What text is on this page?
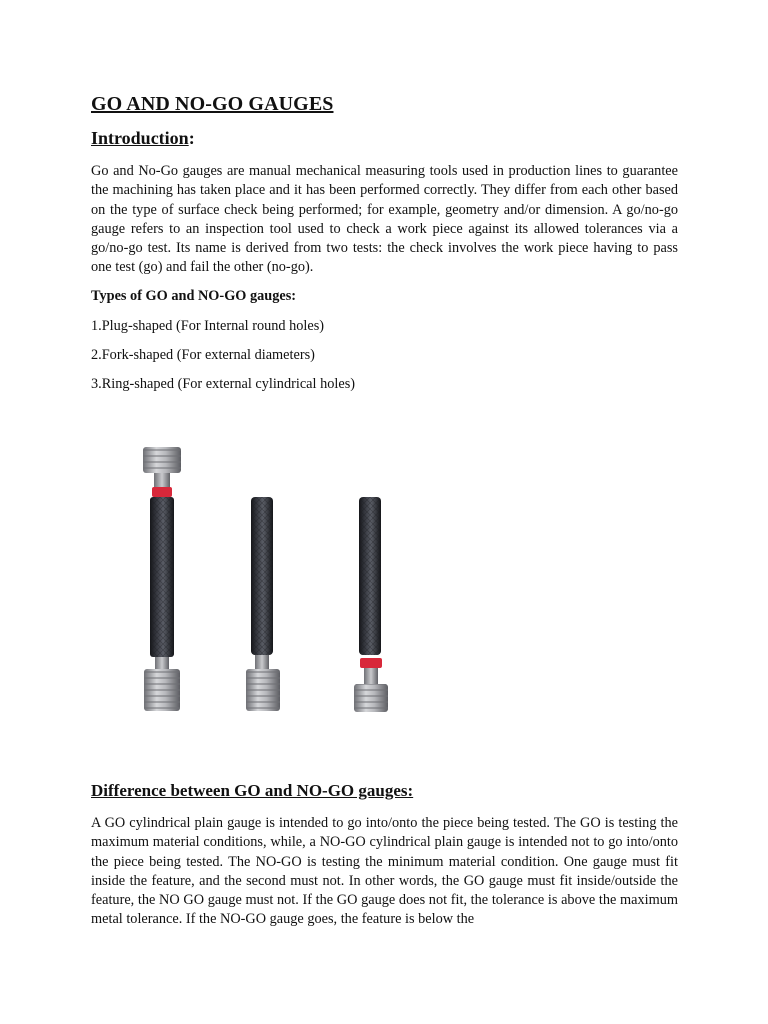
GO AND NO-GO GAUGES
Introduction:

Go and No-Go gauges are manual mechanical measuring tools used in production lines to guarantee the machining has taken place and it has been performed correctly. They differ from each other based on the type of surface check being performed; for example, geometry and/or dimension. A go/no-go gauge refers to an inspection tool used to check a work piece against its allowed tolerances via a go/no-go test. Its name is derived from two tests: the check involves the work piece having to pass one test (go) and fail the other (no-go).

Types of GO and NO-GO gauges:

1.Plug-shaped (For Internal round holes)
2.Fork-shaped (For external diameters)
3.Ring-shaped (For external cylindrical holes)
Difference between GO and NO-GO gauges:

A GO cylindrical plain gauge is intended to go into/onto the piece being tested. The GO is testing the maximum material conditions, while, a NO-GO cylindrical plain gauge is intended not to go into/onto the piece being tested. The NO-GO is testing the minimum material condition. One gauge must fit inside the feature, and the second must not. In other words, the GO gauge must fit inside/outside the feature, the NO GO gauge must not. If the GO gauge does not fit, the tolerance is above the maximum metal tolerance. If the NO-GO gauge goes, the feature is below the
